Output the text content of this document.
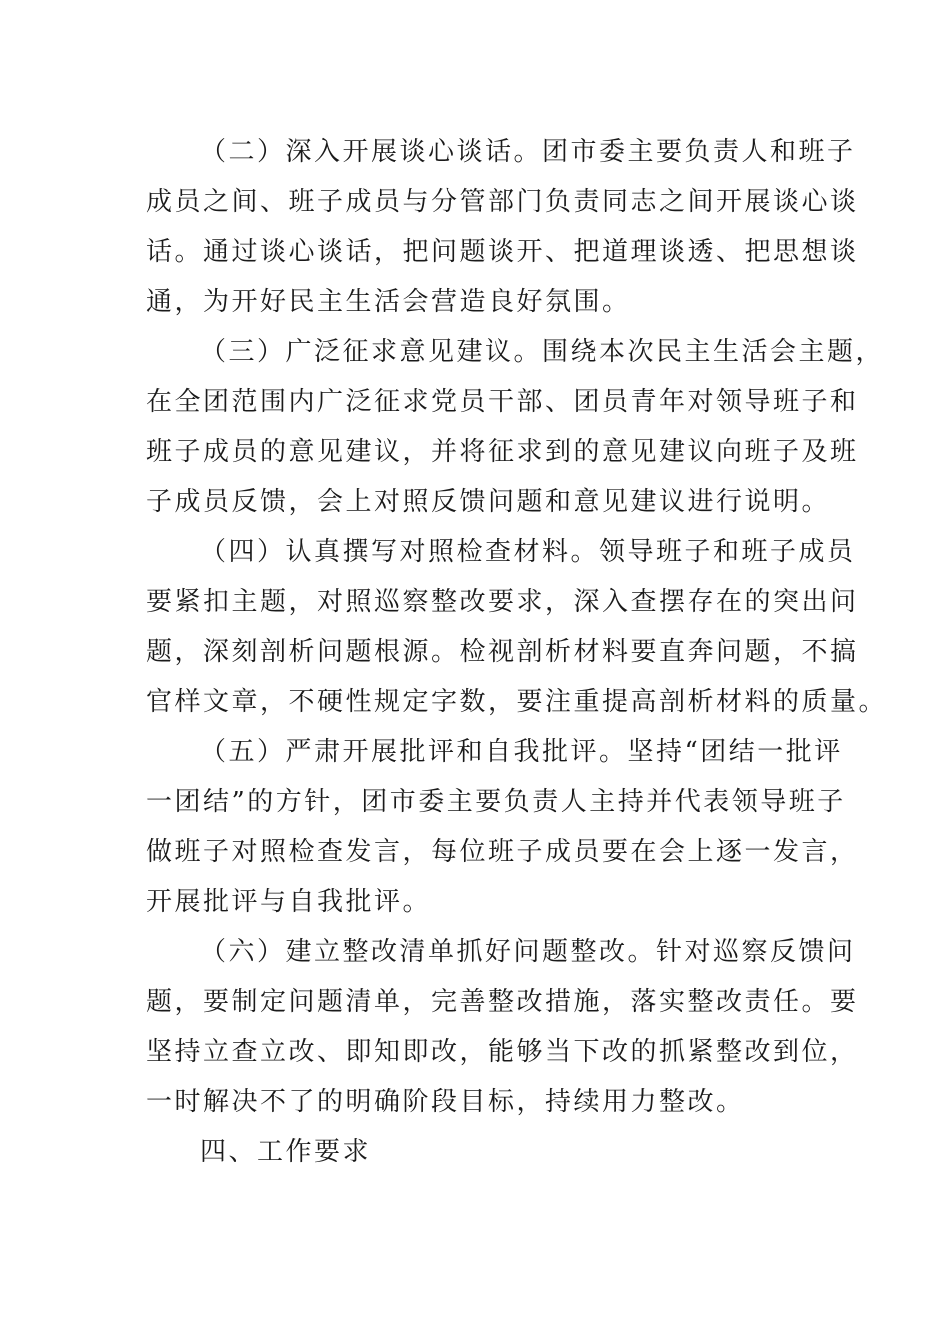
（二）深入开展谈心谈话。团市委主要负责人和班子
成员之间、班子成员与分管部门负责同志之间开展谈心谈
话。通过谈心谈话，把问题谈开、把道理谈透、把思想谈
通，为开好民主生活会营造良好氛围。
（三）广泛征求意见建议。围绕本次民主生活会主题，
在全团范围内广泛征求党员干部、团员青年对领导班子和
班子成员的意见建议，并将征求到的意见建议向班子及班
子成员反馈，会上对照反馈问题和意见建议进行说明。
（四）认真撰写对照检查材料。领导班子和班子成员
要紧扣主题，对照巡察整改要求，深入查摆存在的突出问
题，深刻剖析问题根源。检视剖析材料要直奔问题，不搞
官样文章，不硬性规定字数，要注重提高剖析材料的质量。
（五）严肃开展批评和自我批评。坚持“团结一批评
一团结”的方针，团市委主要负责人主持并代表领导班子
做班子对照检查发言，每位班子成员要在会上逐一发言，
开展批评与自我批评。
（六）建立整改清单抓好问题整改。针对巡察反馈问
题，要制定问题清单，完善整改措施，落实整改责任。要
坚持立查立改、即知即改，能够当下改的抓紧整改到位，
一时解决不了的明确阶段目标，持续用力整改。
四、工作要求
